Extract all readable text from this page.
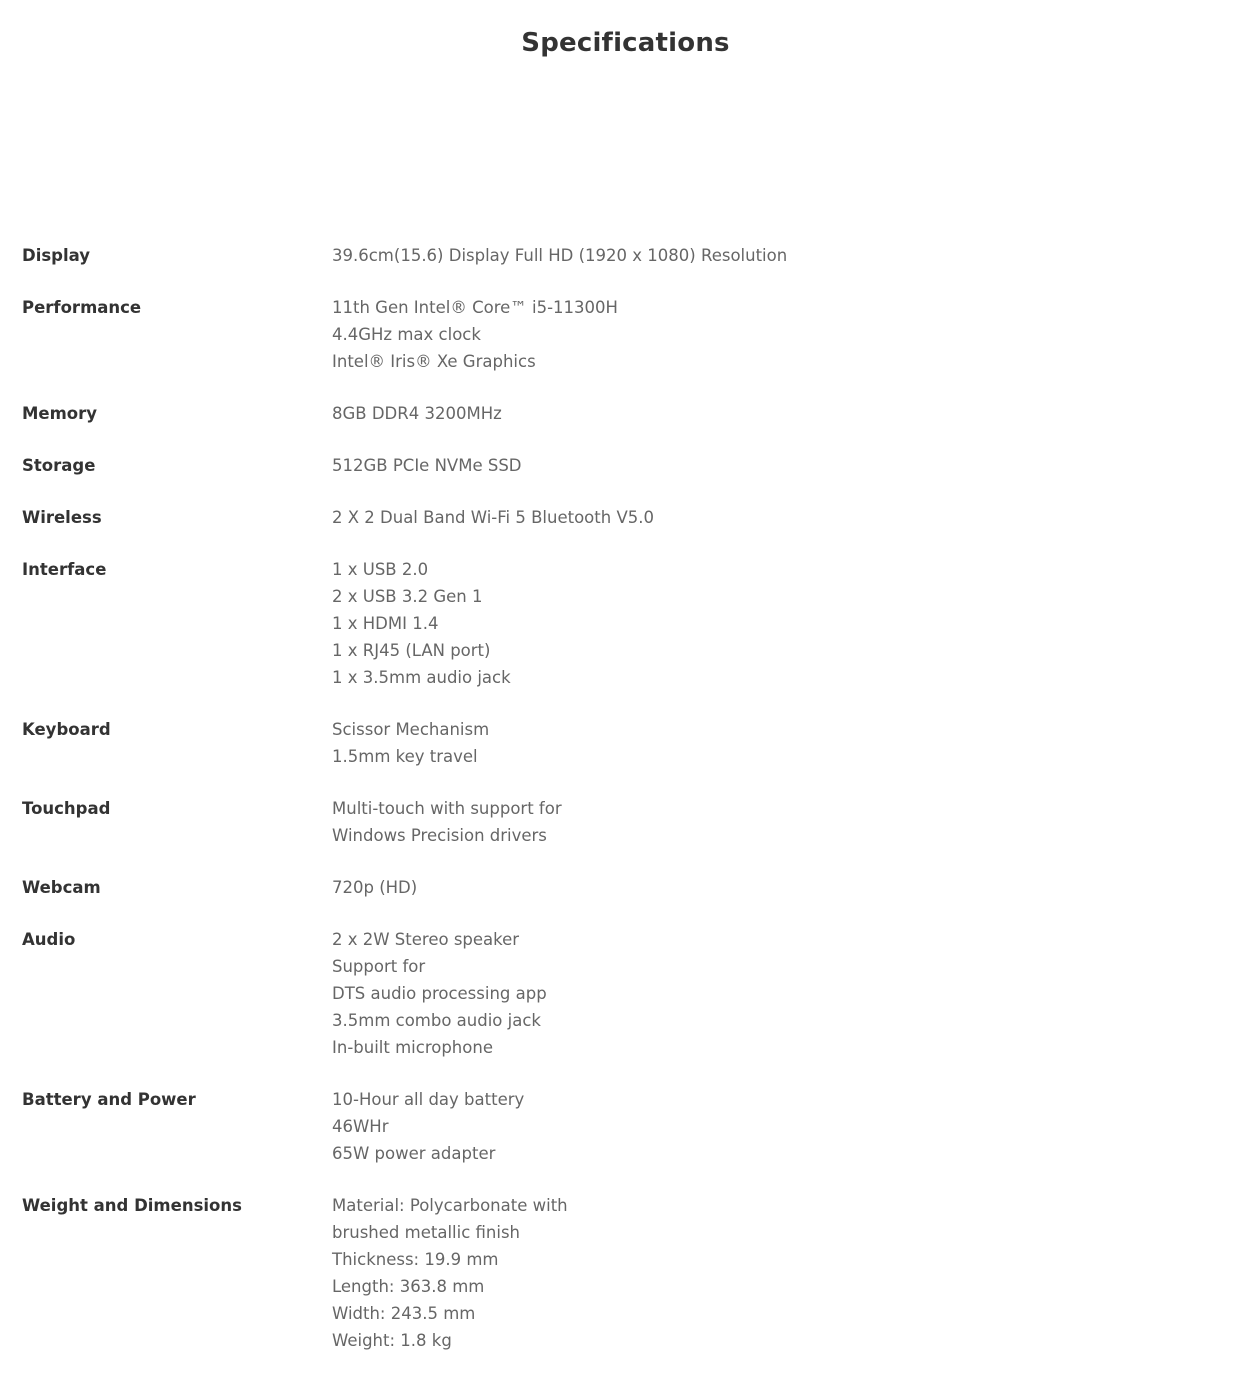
Specifications
Display	39.6cm(15.6) Display Full HD (1920 x 1080) Resolution
Performance	11th Gen Intel® Core™ i5-11300H
4.4GHz max clock
Intel® Iris® Xe Graphics
Memory	8GB DDR4 3200MHz
Storage	512GB PCIe NVMe SSD
Wireless	2 X 2 Dual Band Wi-Fi 5 Bluetooth V5.0
Interface	1 x USB 2.0
2 x USB 3.2 Gen 1
1 x HDMI 1.4
1 x RJ45 (LAN port)
1 x 3.5mm audio jack
Keyboard	Scissor Mechanism
1.5mm key travel
Touchpad	Multi-touch with support for
Windows Precision drivers
Webcam	720p (HD)
Audio	2 x 2W Stereo speaker
Support for
DTS audio processing app
3.5mm combo audio jack
In-built microphone
Battery and Power	10-Hour all day battery
46WHr
65W power adapter
Weight and Dimensions	Material: Polycarbonate with
brushed metallic finish
Thickness: 19.9 mm
Length: 363.8 mm
Width: 243.5 mm
Weight: 1.8 kg
